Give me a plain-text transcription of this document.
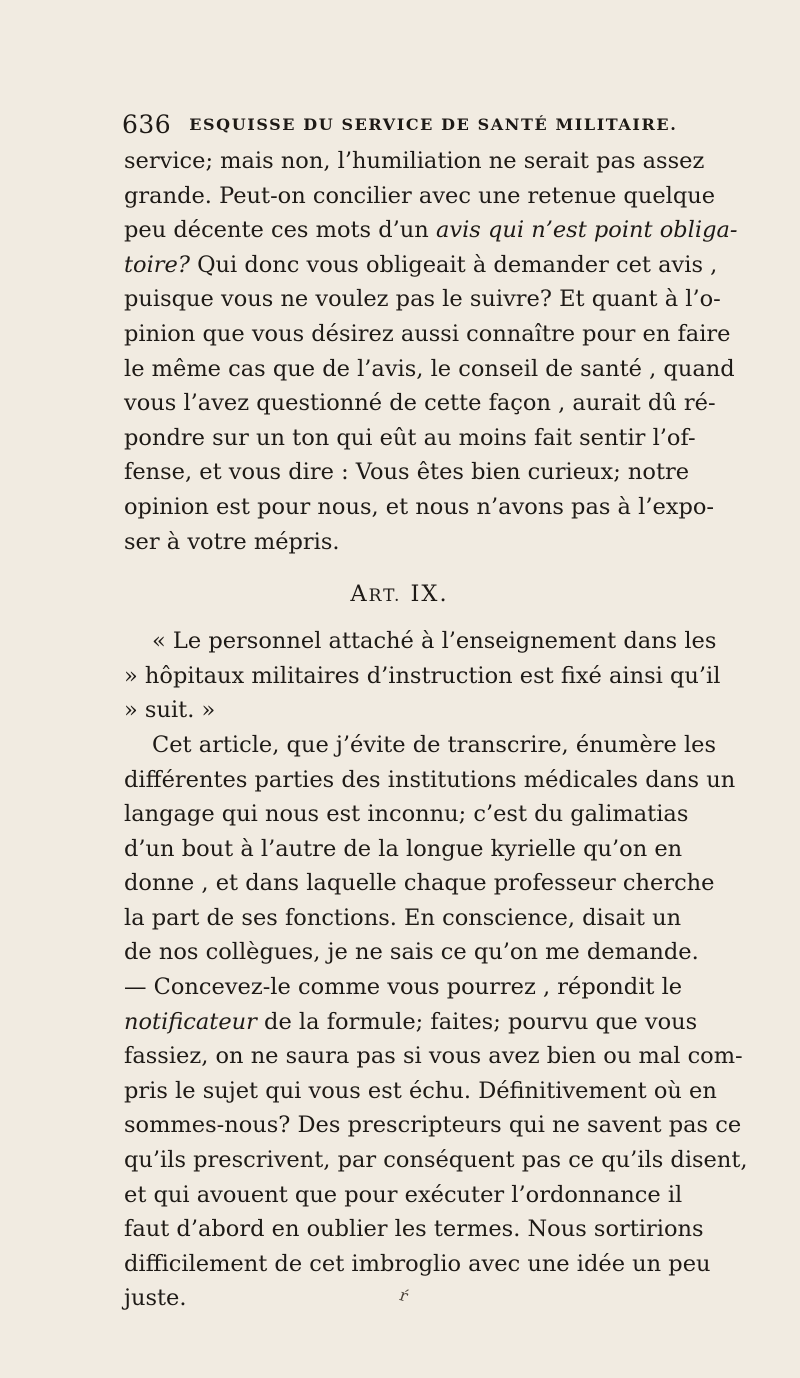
636 ESQUISSE DU SERVICE DE SANTÉ MILITAIRE.
service; mais non, l’humiliation ne serait pas assez
grande. Peut-on concilier avec une retenue quelque
peu décente ces mots d’un avis qui n’est point obliga-
toire? Qui donc vous obligeait à demander cet avis ,
puisque vous ne voulez pas le suivre? Et quant à l’o-
pinion que vous désirez aussi connaître pour en faire
le même cas que de l’avis, le conseil de santé , quand
vous l’avez questionné de cette façon , aurait dû ré-
pondre sur un ton qui eût au moins fait sentir l’of-
fense, et vous dire : Vous êtes bien curieux; notre
opinion est pour nous, et nous n’avons pas à l’expo-
ser à votre mépris.
ART. IX.
« Le personnel attaché à l’enseignement dans les
» hôpitaux militaires d’instruction est fixé ainsi qu’il
» suit. »
Cet article, que j’évite de transcrire, énumère les
différentes parties des institutions médicales dans un
langage qui nous est inconnu; c’est du galimatias
d’un bout à l’autre de la longue kyrielle qu’on en
donne , et dans laquelle chaque professeur cherche
la part de ses fonctions. En conscience, disait un
de nos collègues, je ne sais ce qu’on me demande.
— Concevez-le comme vous pourrez , répondit le
notificateur de la formule; faites; pourvu que vous
fassiez, on ne saura pas si vous avez bien ou mal com-
pris le sujet qui vous est échu. Définitivement où en
sommes-nous? Des prescripteurs qui ne savent pas ce
qu’ils prescrivent, par conséquent pas ce qu’ils disent,
et qui avouent que pour exécuter l’ordonnance il
faut d’abord en oublier les termes. Nous sortirions
difficilement de cet imbroglio avec une idée un peu
juste.	ŕ
